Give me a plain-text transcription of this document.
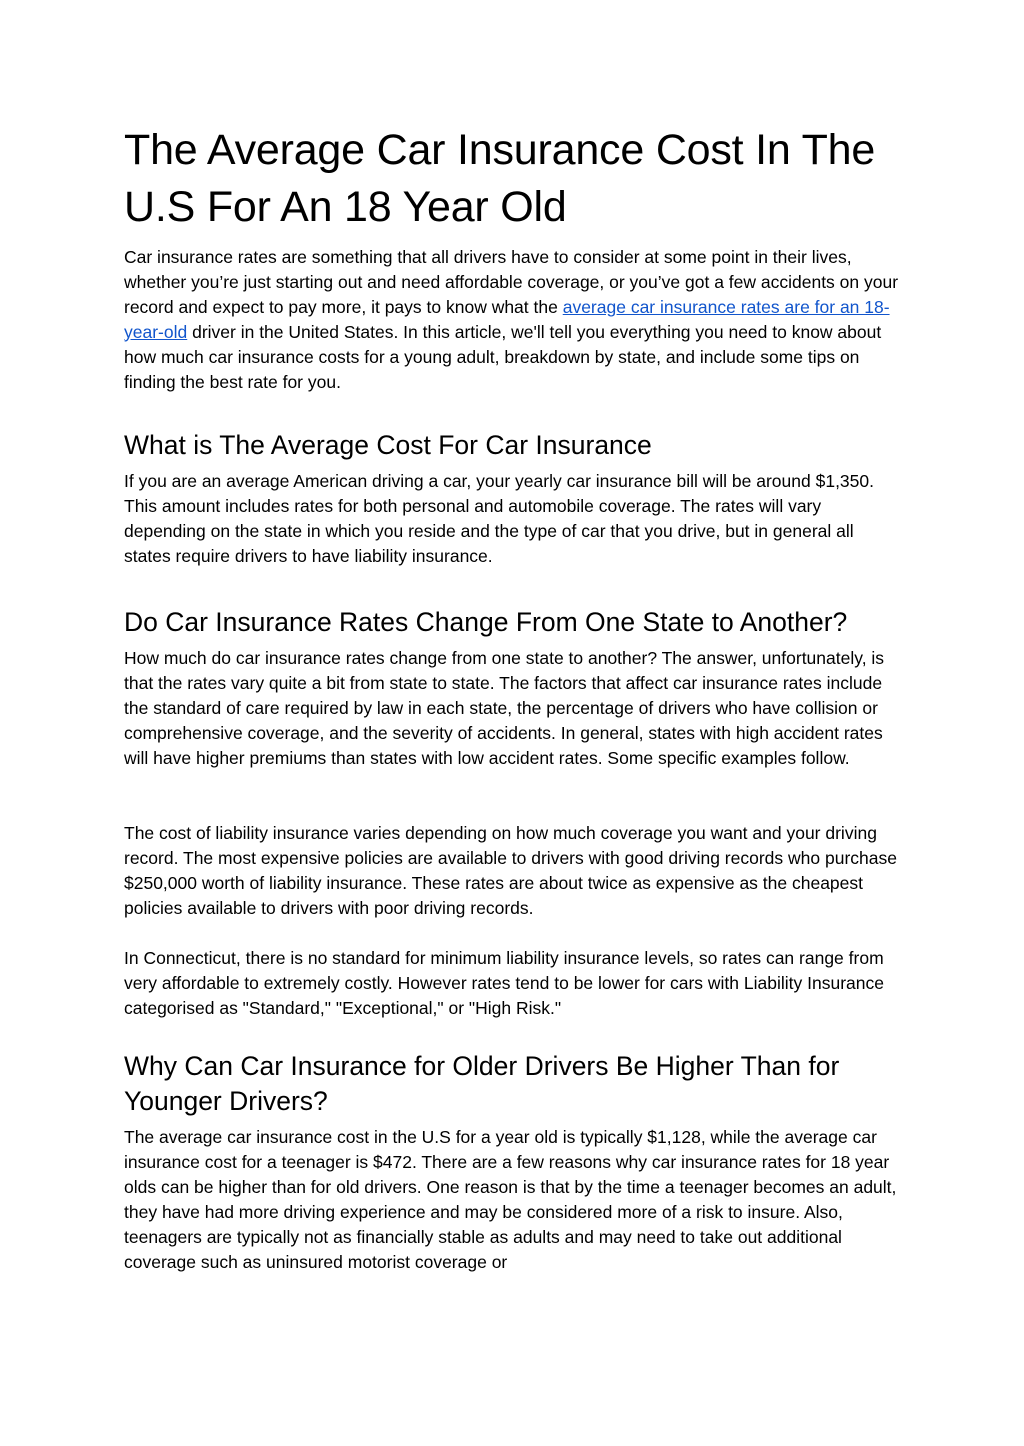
The Average Car Insurance Cost In The U.S For An 18 Year Old

Car insurance rates are something that all drivers have to consider at some point in their lives, whether you’re just starting out and need affordable coverage, or you’ve got a few accidents on your record and expect to pay more, it pays to know what the average car insurance rates are for an 18-year-old driver in the United States. In this article, we'll tell you everything you need to know about how much car insurance costs for a young adult, breakdown by state, and include some tips on finding the best rate for you.

What is The Average Cost For Car Insurance

If you are an average American driving a car, your yearly car insurance bill will be around $1,350. This amount includes rates for both personal and automobile coverage. The rates will vary depending on the state in which you reside and the type of car that you drive, but in general all states require drivers to have liability insurance.

Do Car Insurance Rates Change From One State to Another?

How much do car insurance rates change from one state to another? The answer, unfortunately, is that the rates vary quite a bit from state to state. The factors that affect car insurance rates include the standard of care required by law in each state, the percentage of drivers who have collision or comprehensive coverage, and the severity of accidents. In general, states with high accident rates will have higher premiums than states with low accident rates. Some specific examples follow.

The cost of liability insurance varies depending on how much coverage you want and your driving record. The most expensive policies are available to drivers with good driving records who purchase $250,000 worth of liability insurance. These rates are about twice as expensive as the cheapest policies available to drivers with poor driving records.

In Connecticut, there is no standard for minimum liability insurance levels, so rates can range from very affordable to extremely costly. However rates tend to be lower for cars with Liability Insurance categorised as "Standard," "Exceptional," or "High Risk."

Why Can Car Insurance for Older Drivers Be Higher Than for Younger Drivers?

The average car insurance cost in the U.S for a year old is typically $1,128, while the average car insurance cost for a teenager is $472. There are a few reasons why car insurance rates for 18 year olds can be higher than for old drivers. One reason is that by the time a teenager becomes an adult, they have had more driving experience and may be considered more of a risk to insure. Also, teenagers are typically not as financially stable as adults and may need to take out additional coverage such as uninsured motorist coverage or
